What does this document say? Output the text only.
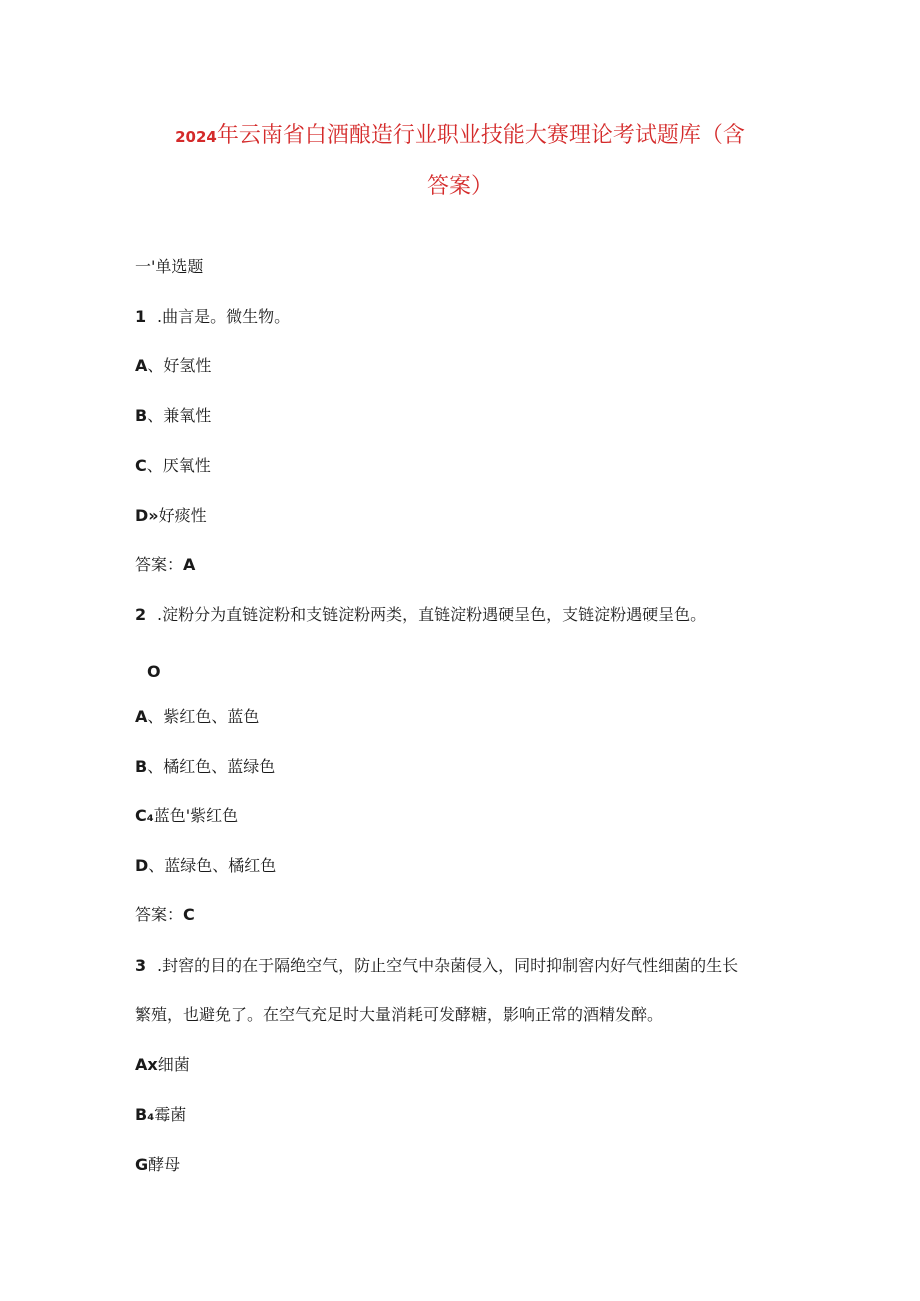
2024年云南省白酒酿造行业职业技能大赛理论考试题库（含
答案）
一'单选题
1 .曲言是。微生物。
A、好氢性
B、兼氧性
C、厌氧性
D»好痰性
答案：A
2 .淀粉分为直链淀粉和支链淀粉两类，直链淀粉遇硬呈色，支链淀粉遇硬呈色。
O
A、紫红色、蓝色
B、橘红色、蓝绿色
C₄蓝色'紫红色
D、蓝绿色、橘红色
答案：C
3 .封窖的目的在于隔绝空气，防止空气中杂菌侵入，同时抑制窖内好气性细菌的生长
繁殖，也避免了。在空气充足时大量消耗可发酵糖，影响正常的酒精发醉。
Ax细菌
B₄霉菌
G酵母
